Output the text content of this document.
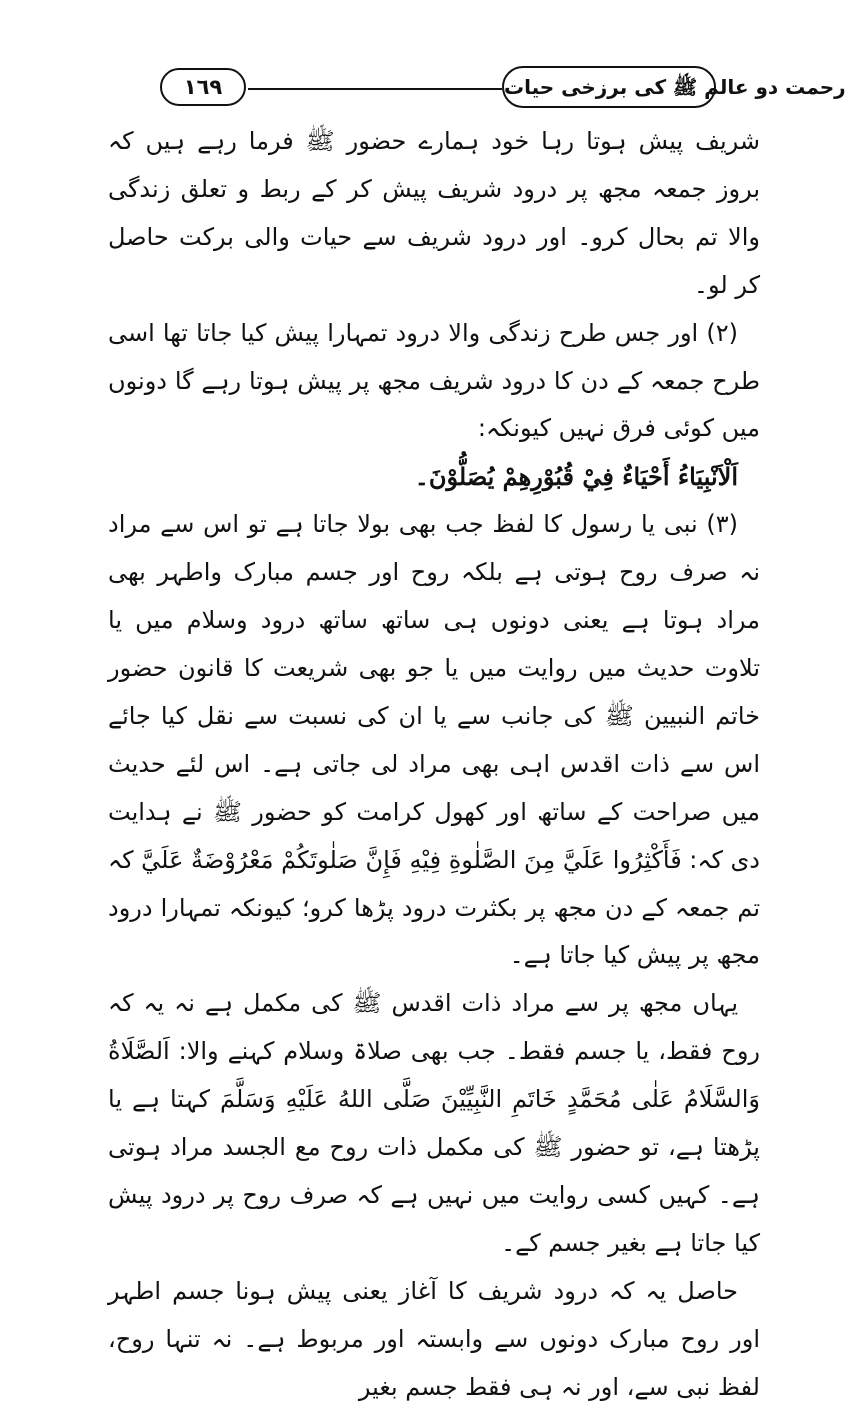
١٦٩	رحمت دو عالم ﷺ کی برزخی حیات

شریف پیش ہوتا رہا خود ہمارے حضور ﷺ فرما رہے ہیں کہ بروز جمعہ مجھ پر درود شریف پیش کر کے ربط و تعلق زندگی والا تم بحال کرو۔ اور درود شریف سے حیات والی برکت حاصل کر لو۔

(۲) اور جس طرح زندگی والا درود تمہارا پیش کیا جاتا تھا اسی طرح جمعہ کے دن کا درود شریف مجھ پر پیش ہوتا رہے گا دونوں میں کوئی فرق نہیں کیونکہ:

اَلْاَنْبِیَاءُ أَحْیَاءٌ فِيْ قُبُوْرِهِمْ يُصَلُّوْنَ۔

(۳) نبی یا رسول کا لفظ جب بھی بولا جاتا ہے تو اس سے مراد نہ صرف روح ہوتی ہے بلکہ روح اور جسم مبارک واطہر بھی مراد ہوتا ہے یعنی دونوں ہی ساتھ ساتھ درود وسلام میں یا تلاوت حدیث میں روایت میں یا جو بھی شریعت کا قانون حضور خاتم النبیین ﷺ کی جانب سے یا ان کی نسبت سے نقل کیا جائے اس سے ذات اقدس اہی بھی مراد لی جاتی ہے۔ اس لئے حدیث میں صراحت کے ساتھ اور کھول کرامت کو حضور ﷺ نے ہدایت دی کہ: فَأَكْثِرُوا عَلَيَّ مِنَ الصَّلٰوةِ فِيْهِ فَإِنَّ صَلٰوتَكُمْ مَعْرُوْضَةٌ عَلَيَّ کہ تم جمعہ کے دن مجھ پر بکثرت درود پڑھا کرو؛ کیونکہ تمہارا درود مجھ پر پیش کیا جاتا ہے۔

یہاں مجھ پر سے مراد ذات اقدس ﷺ کی مکمل ہے نہ یہ کہ روح فقط، یا جسم فقط۔ جب بھی صلاۃ وسلام کہنے والا: اَلصَّلَاةُ وَالسَّلَامُ عَلٰى مُحَمَّدٍ خَاتَمِ النَّبِيِّيْنَ صَلَّى اللهُ عَلَيْهِ وَسَلَّمَ کہتا ہے یا پڑھتا ہے، تو حضور ﷺ کی مکمل ذات روح مع الجسد مراد ہوتی ہے۔ کہیں کسی روایت میں نہیں ہے کہ صرف روح پر درود پیش کیا جاتا ہے بغیر جسم کے۔

حاصل یہ کہ درود شریف کا آغاز یعنی پیش ہونا جسم اطہر اور روح مبارک دونوں سے وابستہ اور مربوط ہے۔ نہ تنہا روح، لفظ نبی سے، اور نہ ہی فقط جسم بغیر
